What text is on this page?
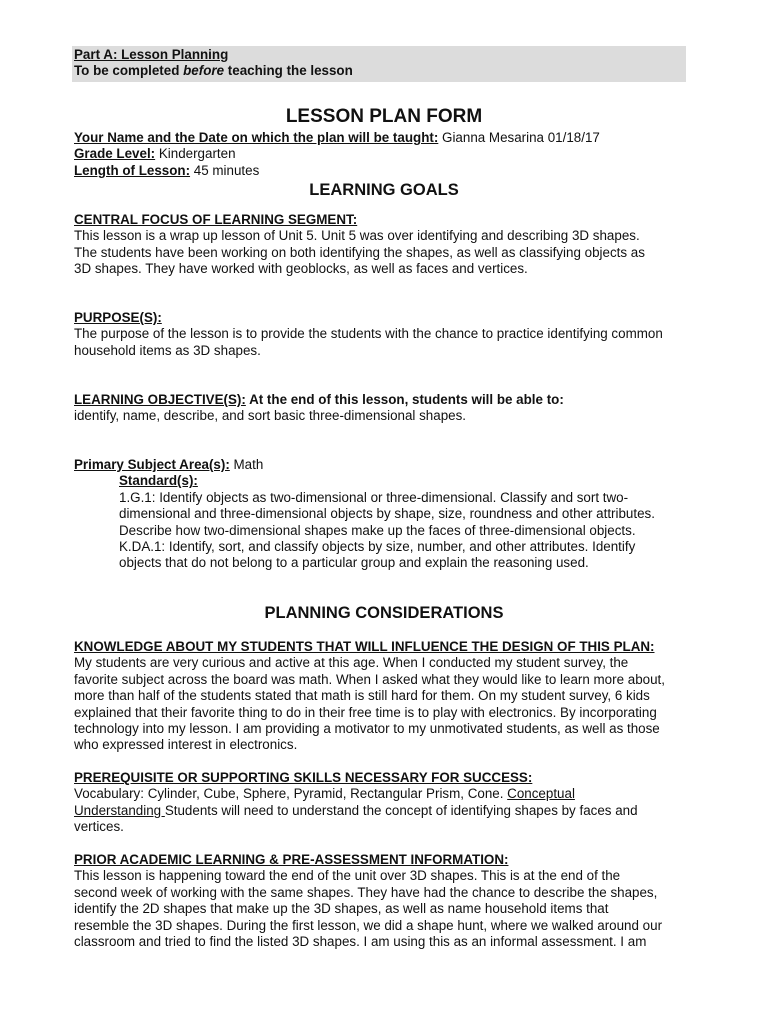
Part A: Lesson Planning
To be completed before teaching the lesson
LESSON PLAN FORM

Your Name and the Date on which the plan will be taught: Gianna Mesarina 01/18/17

Grade Level: Kindergarten

Length of Lesson: 45 minutes

LEARNING GOALS

CENTRAL FOCUS OF LEARNING SEGMENT:

This lesson is a wrap up lesson of Unit 5. Unit 5 was over identifying and describing 3D shapes.

The students have been working on both identifying the shapes, as well as classifying objects as

3D shapes. They have worked with geoblocks, as well as faces and vertices.

PURPOSE(S):

The purpose of the lesson is to provide the students with the chance to practice identifying common

household items as 3D shapes.

LEARNING OBJECTIVE(S): At the end of this lesson, students will be able to:

identify, name, describe, and sort basic three-dimensional shapes.

Primary Subject Area(s): Math

Standard(s):

1.G.1: Identify objects as two-dimensional or three-dimensional. Classify and sort two-

dimensional and three-dimensional objects by shape, size, roundness and other attributes.

Describe how two-dimensional shapes make up the faces of three-dimensional objects.

K.DA.1: Identify, sort, and classify objects by size, number, and other attributes. Identify

objects that do not belong to a particular group and explain the reasoning used.

PLANNING CONSIDERATIONS

KNOWLEDGE ABOUT MY STUDENTS THAT WILL INFLUENCE THE DESIGN OF THIS PLAN:

My students are very curious and active at this age. When I conducted my student survey, the

favorite subject across the board was math. When I asked what they would like to learn more about,

more than half of the students stated that math is still hard for them. On my student survey, 6 kids

explained that their favorite thing to do in their free time is to play with electronics. By incorporating

technology into my lesson. I am providing a motivator to my unmotivated students, as well as those

who expressed interest in electronics.

PREREQUISITE OR SUPPORTING SKILLS NECESSARY FOR SUCCESS:

Vocabulary: Cylinder, Cube, Sphere, Pyramid, Rectangular Prism, Cone. Conceptual

Understanding Students will need to understand the concept of identifying shapes by faces and

vertices.

PRIOR ACADEMIC LEARNING & PRE-ASSESSMENT INFORMATION:

This lesson is happening toward the end of the unit over 3D shapes. This is at the end of the

second week of working with the same shapes. They have had the chance to describe the shapes,

identify the 2D shapes that make up the 3D shapes, as well as name household items that

resemble the 3D shapes. During the first lesson, we did a shape hunt, where we walked around our

classroom and tried to find the listed 3D shapes. I am using this as an informal assessment. I am
